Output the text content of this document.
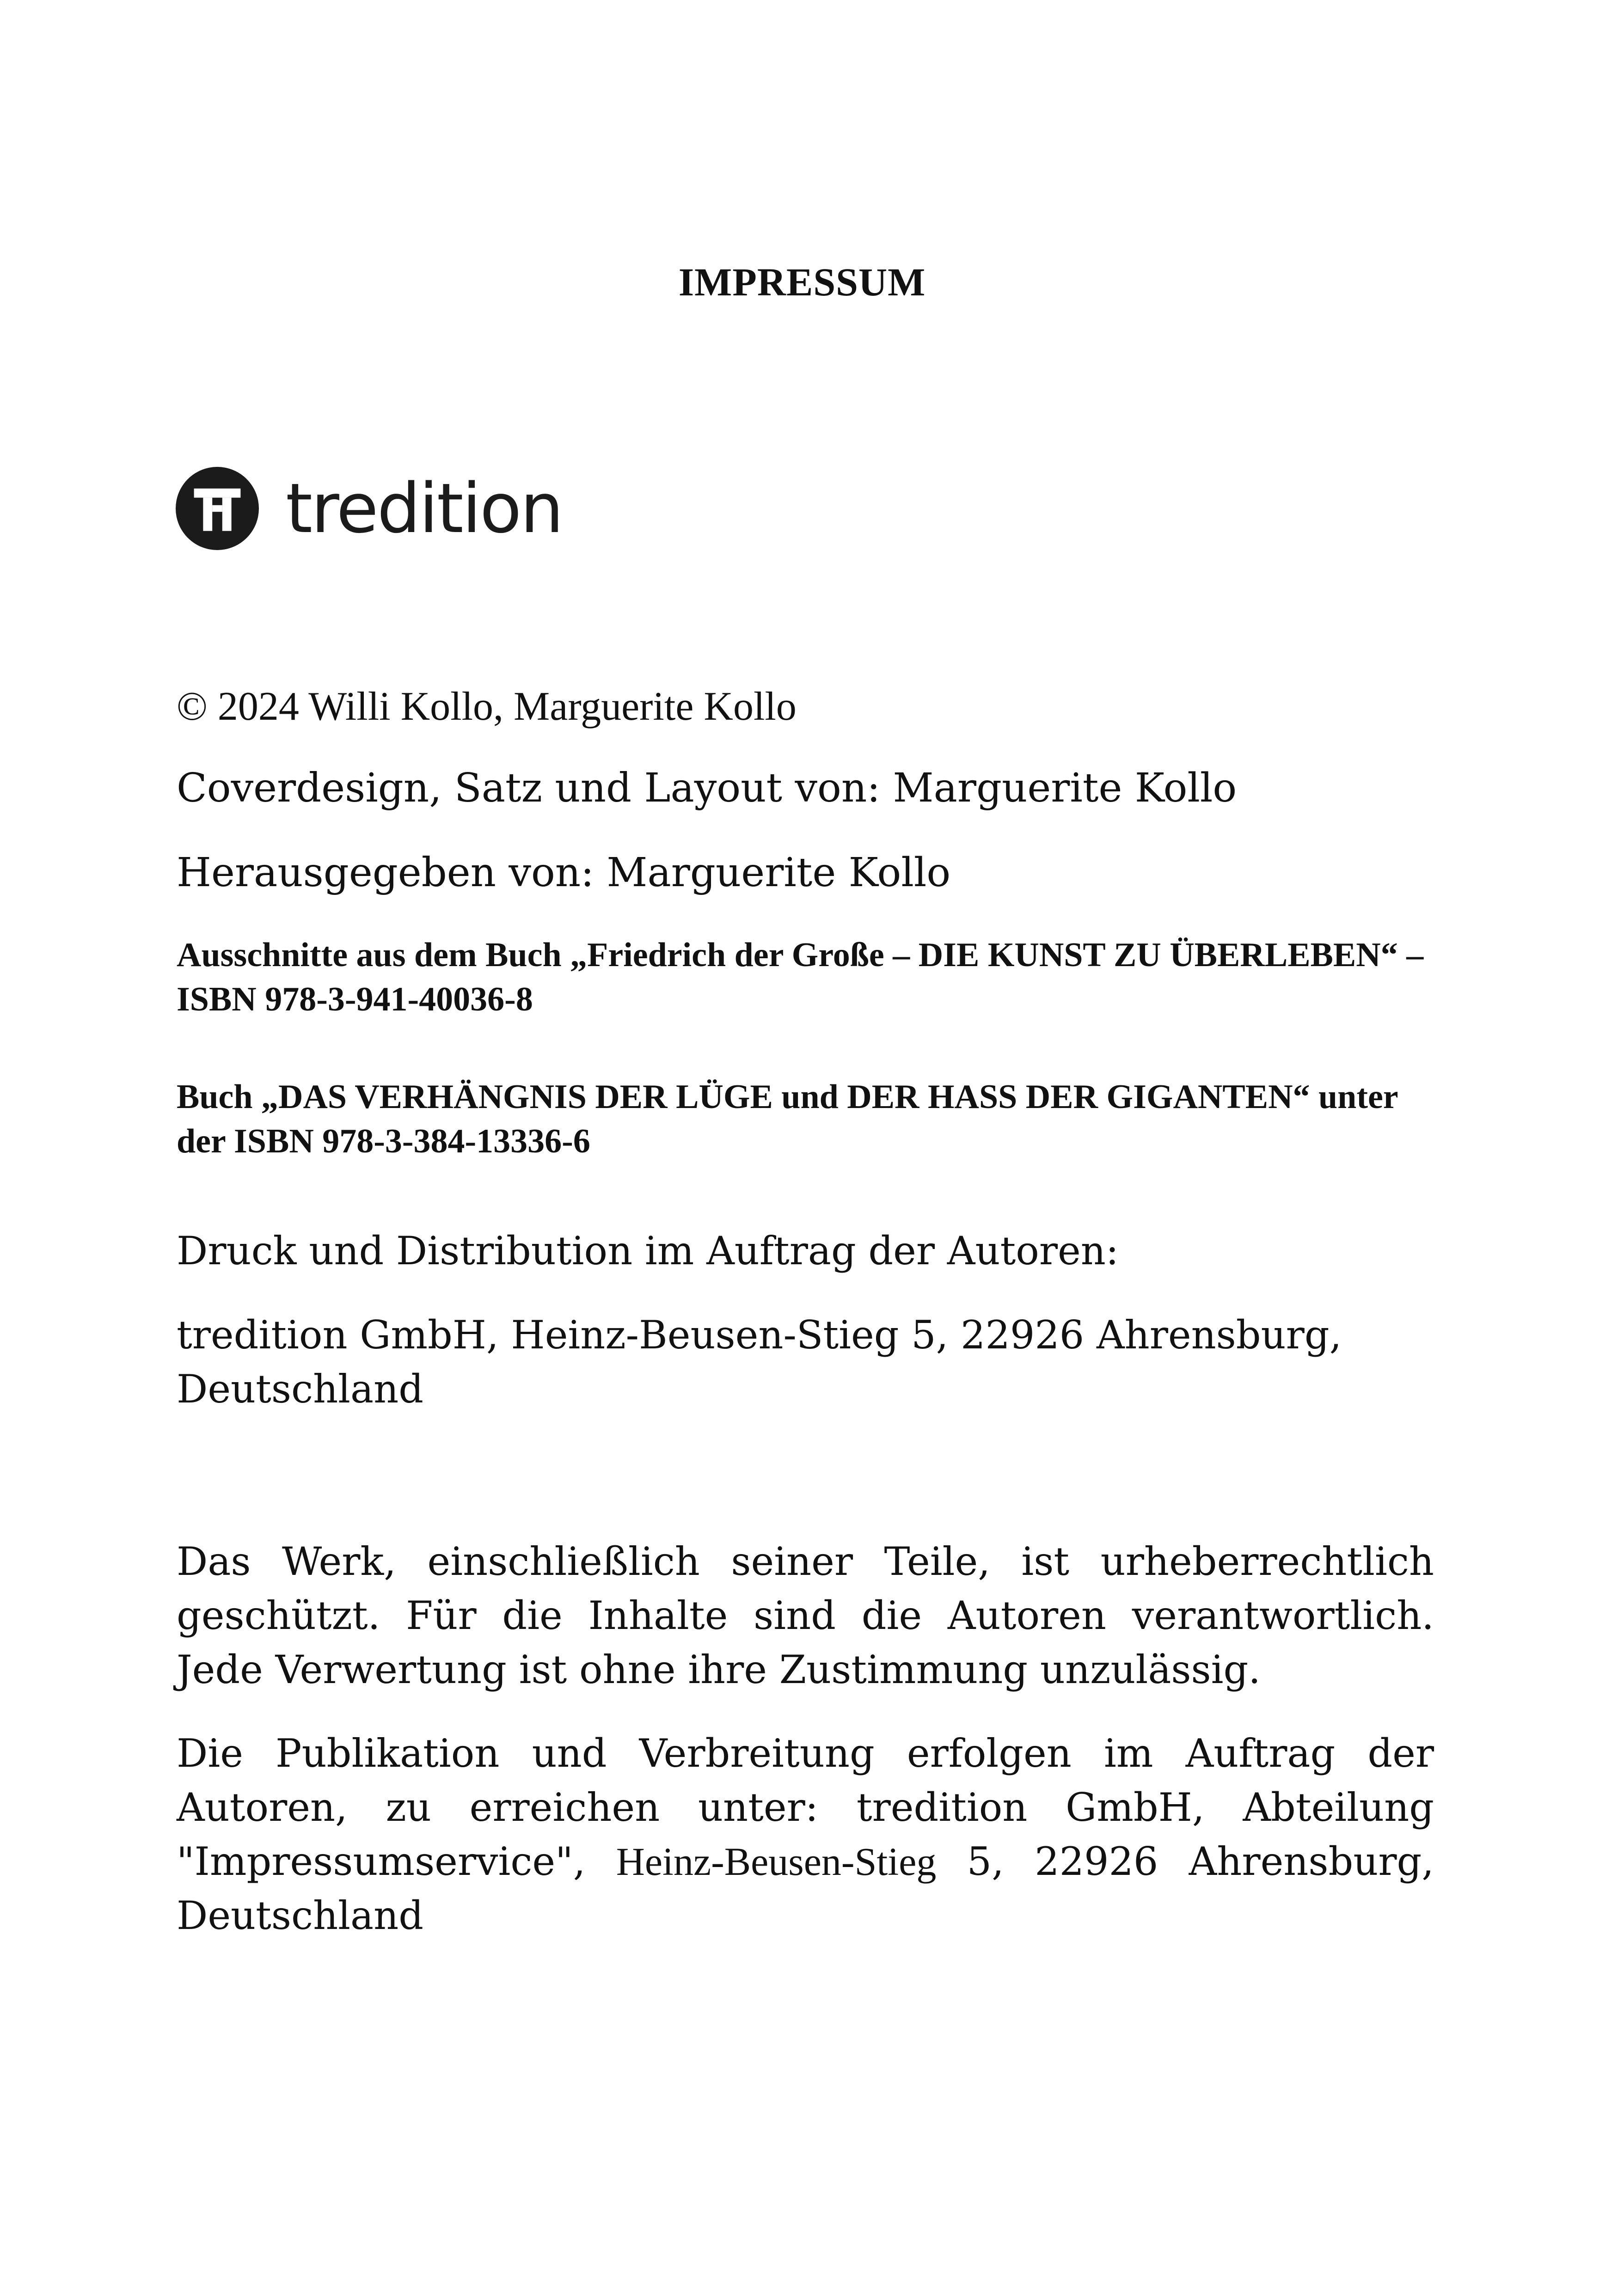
IMPRESSUM
tredition
© 2024 Willi Kollo, Marguerite Kollo
Coverdesign, Satz und Layout von: Marguerite Kollo
Herausgegeben von: Marguerite Kollo
Ausschnitte aus dem Buch „Friedrich der Große – DIE KUNST ZU ÜBERLEBEN“ – ISBN 978-3-941-40036-8
Buch „DAS VERHÄNGNIS DER LÜGE und DER HASS DER GIGANTEN“ unter der ISBN 978-3-384-13336-6
Druck und Distribution im Auftrag der Autoren:
tredition GmbH, Heinz-Beusen-Stieg 5, 22926 Ahrensburg, Deutschland
Das Werk, einschließlich seiner Teile, ist urheberrechtlich geschützt. Für die Inhalte sind die Autoren verantwortlich. Jede Verwertung ist ohne ihre Zustimmung unzulässig.
Die Publikation und Verbreitung erfolgen im Auftrag der Autoren, zu erreichen unter: tredition GmbH, Abteilung "Impressumservice", Heinz-Beusen-Stieg 5, 22926 Ahrensburg, Deutschland
